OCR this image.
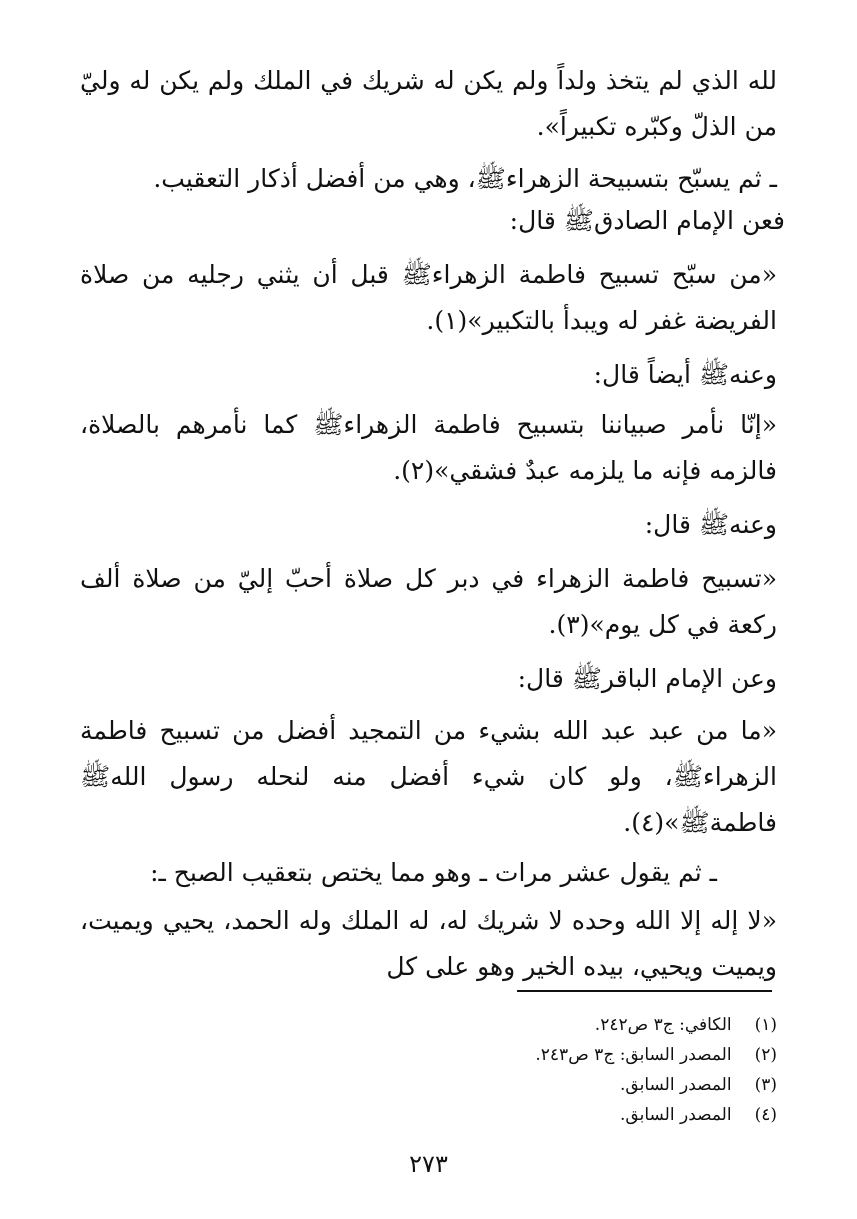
لله الذي لم يتخذ ولداً ولم يكن له شريك في الملك ولم يكن له وليّ من الذلّ وكبّره تكبيراً».

ـ ثم يسبّح بتسبيحة الزهراءﷺ، وهي من أفضل أذكار التعقيب.

فعن الإمام الصادقﷺ قال:

«من سبّح تسبيح فاطمة الزهراءﷺ قبل أن يثني رجليه من صلاة الفريضة غفر له ويبدأ بالتكبير»(١).

وعنهﷺ أيضاً قال:

«إنّا نأمر صبياننا بتسبيح فاطمة الزهراءﷺ كما نأمرهم بالصلاة، فالزمه فإنه ما يلزمه عبدٌ فشقي»(٢).

وعنهﷺ قال:

«تسبيح فاطمة الزهراء في دبر كل صلاة أحبّ إليّ من صلاة ألف ركعة في كل يوم»(٣).

وعن الإمام الباقرﷺ قال:

«ما من عبد عبد الله بشيء من التمجيد أفضل من تسبيح فاطمة الزهراءﷺ، ولو كان شيء أفضل منه لنحله رسول اللهﷺ فاطمةﷺ»(٤).

ـ ثم يقول عشر مرات ـ وهو مما يختص بتعقيب الصبح ـ:

«لا إله إلا الله وحده لا شريك له، له الملك وله الحمد، يحيي ويميت، ويميت ويحيي، بيده الخير وهو على كل

(١) الكافي: ج٣ ص٢٤٢.
(٢) المصدر السابق: ج٣ ص٢٤٣.
(٣) المصدر السابق.
(٤) المصدر السابق.
٢٧٣
